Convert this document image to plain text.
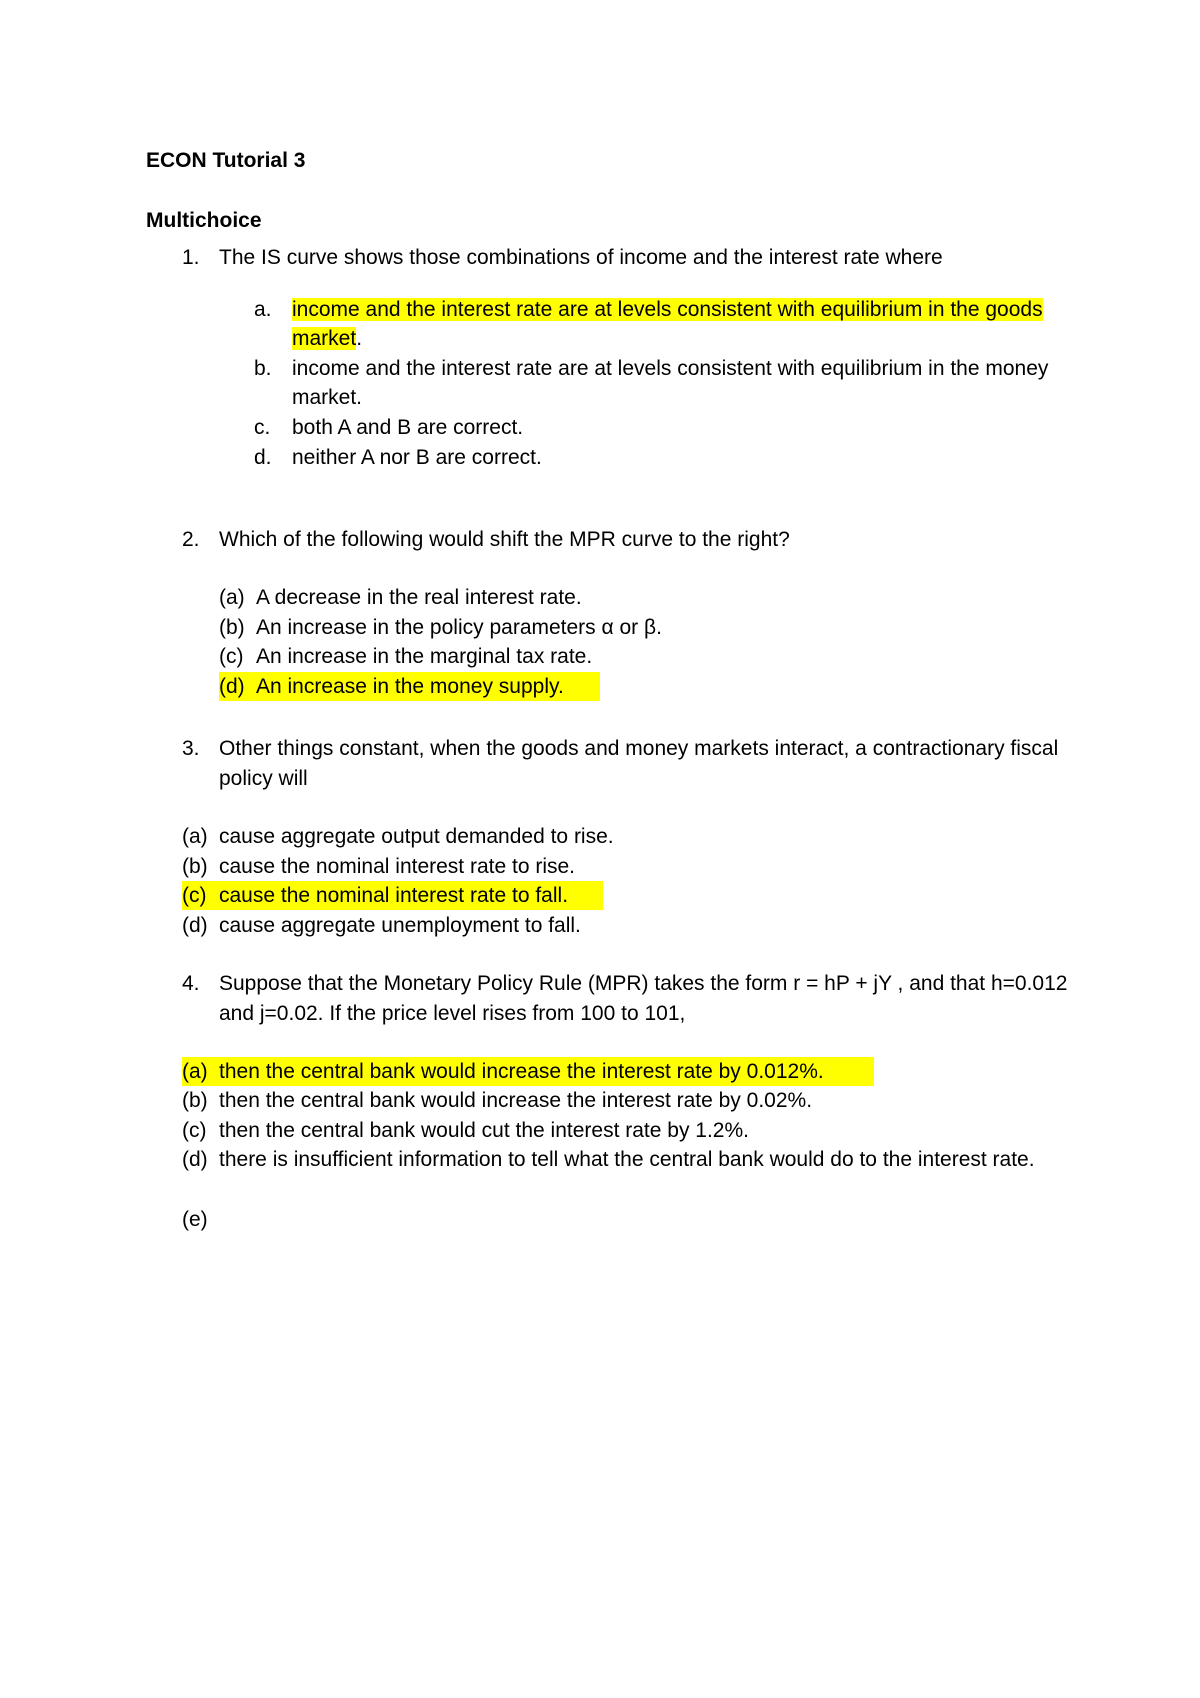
ECON Tutorial 3
Multichoice
1. The IS curve shows those combinations of income and the interest rate where

a. income and the interest rate are at levels consistent with equilibrium in the goods market.
b. income and the interest rate are at levels consistent with equilibrium in the money market.
c. both A and B are correct.
d. neither A nor B are correct.
2. Which of the following would shift the MPR curve to the right?

(a) A decrease in the real interest rate.
(b) An increase in the policy parameters α or β.
(c) An increase in the marginal tax rate.
(d) An increase in the money supply.
3. Other things constant, when the goods and money markets interact, a contractionary fiscal policy will

(a) cause aggregate output demanded to rise.
(b) cause the nominal interest rate to rise.
(c) cause the nominal interest rate to fall.
(d) cause aggregate unemployment to fall.
4. Suppose that the Monetary Policy Rule (MPR) takes the form r = hP + jY , and that h=0.012 and j=0.02. If the price level rises from 100 to 101,

(a) then the central bank would increase the interest rate by 0.012%.
(b) then the central bank would increase the interest rate by 0.02%.
(c) then the central bank would cut the interest rate by 1.2%.
(d) there is insufficient information to tell what the central bank would do to the interest rate.
(e)
